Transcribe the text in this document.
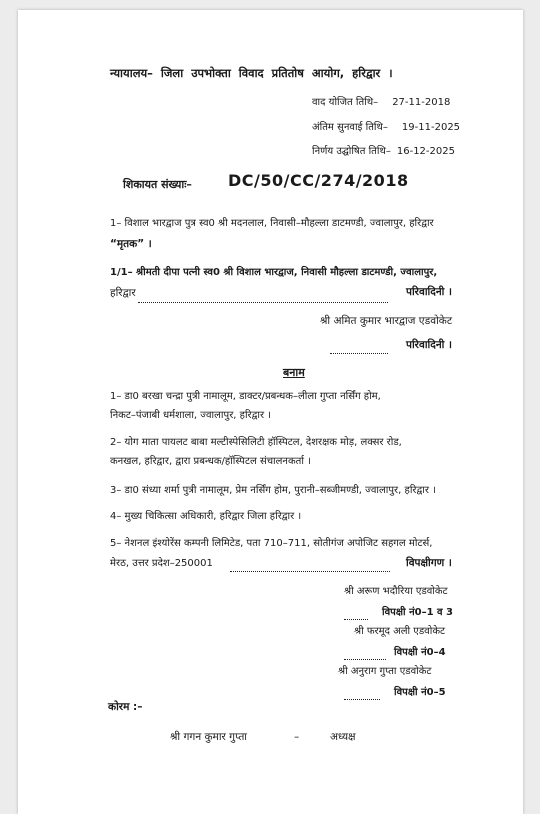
न्यायालय– जिला उपभोक्ता विवाद प्रतितोष आयोग, हरिद्वार ।
वाद योजित तिथि– 27-11-2018
अंतिम सुनवाई तिथि– 19-11-2025
निर्णय उद्घोषित तिथि– 16-12-2025
शिकायत संख्याः– DC/50/CC/274/2018
1– विशाल भारद्वाज पुत्र स्व0 श्री मदनलाल, निवासी–मौहल्ला डाटमण्डी, ज्वालापुर, हरिद्वार
“मृतक” ।
1/1– श्रीमती दीपा पत्नी स्व0 श्री विशाल भारद्वाज, निवासी मौहल्ला डाटमण्डी, ज्वालापुर,
हरिद्वार	परिवादिनी ।
श्री अमित कुमार भारद्वाज एडवोकेट
परिवादिनी ।
बनाम
1– डा0 बरखा चन्द्रा पुत्री नामालूम, डाक्टर/प्रबन्धक–लीला गुप्ता नर्सिंग होम,
निकट–पंजाबी धर्मशाला, ज्वालापुर, हरिद्वार ।
2– योग माता पायलट बाबा मल्टीस्पेसिलिटी हॉस्पिटल, देशरक्षक मोड़, लक्सर रोड,
कनखल, हरिद्वार, द्वारा प्रबन्धक/हॉस्पिटल संचालनकर्ता ।
3– डा0 संध्या शर्मा पुत्री नामालूम, प्रेम नर्सिंग होम, पुरानी–सब्जीमण्डी, ज्वालापुर, हरिद्वार ।
4– मुख्य चिकित्सा अधिकारी, हरिद्वार जिला हरिद्वार ।
5– नेशनल इंश्योरेंस कम्पनी लिमिटेड, पता 710–711, सोतीगंज अपोजिट सहगल मोटर्स,
मेरठ, उत्तर प्रदेश–250001	विपक्षीगण ।
श्री अरूण भदौरिया एडवोकेट
विपक्षी नं0–1 व 3
श्री फरमूद अली एडवोकेट
विपक्षी नं0–4
श्री अनुराग गुप्ता एडवोकेट
विपक्षी नं0–5
कोरम :–
श्री गगन कुमार गुप्ता	–	अध्यक्ष
